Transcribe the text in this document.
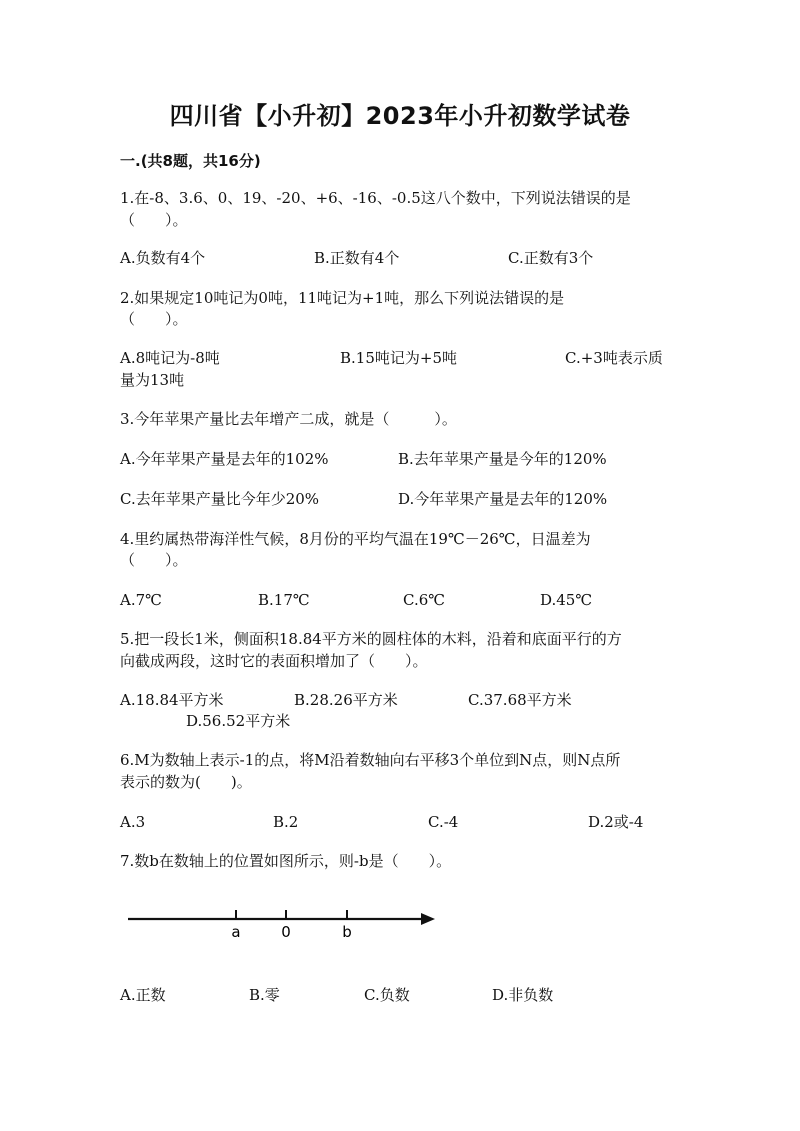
四川省【小升初】2023年小升初数学试卷
一.(共8题，共16分)
1.在-8、3.6、0、19、-20、+6、-16、-0.5这八个数中，下列说法错误的是
（　　）。
A.负数有4个	B.正数有4个	C.正数有3个
2.如果规定10吨记为0吨，11吨记为+1吨，那么下列说法错误的是
（　　）。
A.8吨记为-8吨	B.15吨记为+5吨	C.+3吨表示质
量为13吨
3.今年苹果产量比去年增产二成，就是（　　　）。
A.今年苹果产量是去年的102%	B.去年苹果产量是今年的120%
C.去年苹果产量比今年少20%	D.今年苹果产量是去年的120%
4.里约属热带海洋性气候，8月份的平均气温在19℃－26℃，日温差为
（　　）。
A.7℃	B.17℃	C.6℃	D.45℃
5.把一段长1米，侧面积18.84平方米的圆柱体的木料，沿着和底面平行的方
向截成两段，这时它的表面积增加了（　　）。
A.18.84平方米	B.28.26平方米	C.37.68平方米
D.56.52平方米
6.M为数轴上表示-1的点，将M沿着数轴向右平移3个单位到N点，则N点所
表示的数为(　　)。
A.3	B.2	C.-4	D.2或-4
7.数b在数轴上的位置如图所示，则-b是（　　）。
a	0	b
A.正数	B.零	C.负数	D.非负数
